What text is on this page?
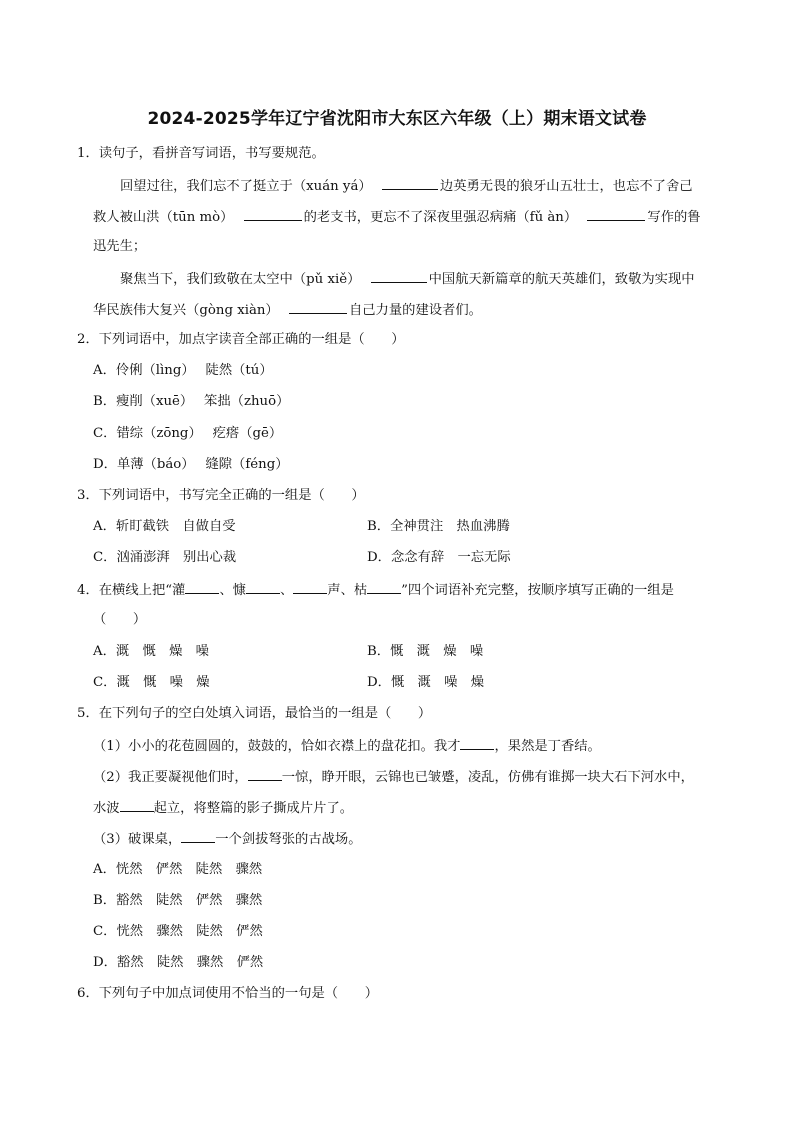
2024-2025学年辽宁省沈阳市大东区六年级（上）期末语文试卷
1．读句子，看拼音写词语，书写要规范。
回望过往，我们忘不了挺立于（xuán yá）	边英勇无畏的狼牙山五壮士，也忘不了舍己
救人被山洪（tūn mò）	的老支书，更忘不了深夜里强忍病痛（fǔ àn）	写作的鲁
迅先生；
聚焦当下，我们致敬在太空中（pǔ xiě）	中国航天新篇章的航天英雄们，致敬为实现中
华民族伟大复兴（gòng xiàn）	自己力量的建设者们。
2．下列词语中，加点字读音全部正确的一组是（　　）
A．伶俐（lìng）　 陡然（tú）
B．瘦削（xuē）　 笨拙（zhuō）
C．错综（zōng）　 疙瘩（gē）
D．单薄（báo）　 缝隙（féng）
3．下列词语中，书写完全正确的一组是（　　）
A．斩盯截铁　自做自受	B．全神贯注　热血沸腾
C．汹涌澎湃　别出心裁	D．念念有辞　一忘无际
4．在横线上把“灌	、慷	、	声、枯	”四个词语补充完整，按顺序填写正确的一组是
（　　）
A．溉　慨　燥　噪	B．慨　溉　燥　噪
C．溉　慨　噪　燥	D．慨　溉　噪　燥
5．在下列句子的空白处填入词语，最恰当的一组是（　　）
（1）小小的花苞圆圆的，鼓鼓的，恰如衣襟上的盘花扣。我才	，果然是丁香结。
（2）我正要凝视他们时，	一惊，睁开眼，云锦也已皱蹙，凌乱，仿佛有谁掷一块大石下河水中，
水波	起立，将整篇的影子撕成片片了。
（3）破课桌，	一个剑拔弩张的古战场。
A．恍然　俨然　陡然　骤然
B．豁然　陡然　俨然　骤然
C．恍然　骤然　陡然　俨然
D．豁然　陡然　骤然　俨然
6．下列句子中加点词使用不恰当的一句是（　　）
